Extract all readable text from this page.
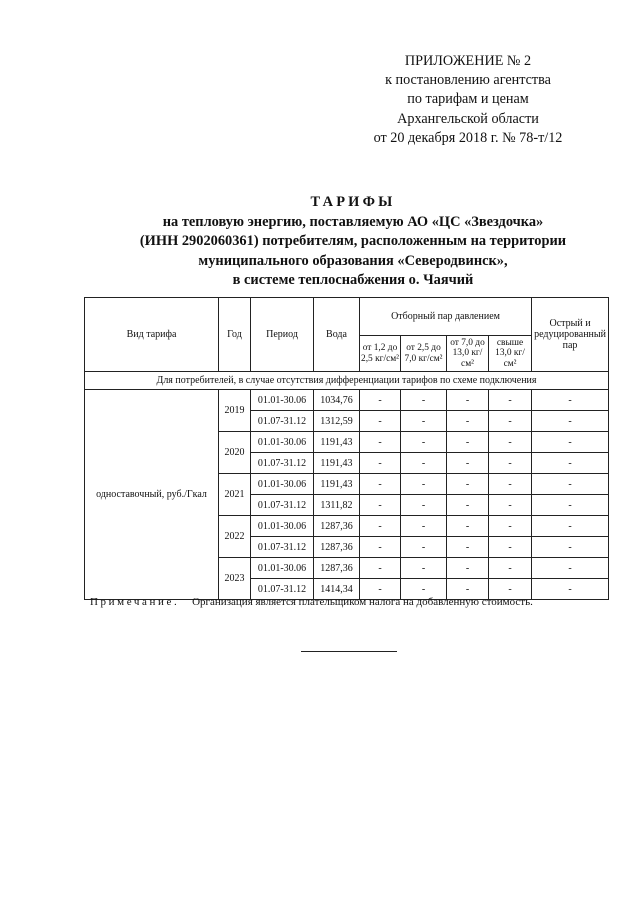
ПРИЛОЖЕНИЕ № 2
к постановлению агентства
по тарифам и ценам
Архангельской области
от 20 декабря 2018 г. № 78-т/12
ТАРИФЫ
на тепловую энергию, поставляемую АО «ЦС «Звездочка»
(ИНН 2902060361) потребителям, расположенным на территории
муниципального образования «Северодвинск»,
в системе теплоснабжения о. Чаячий
Вид тарифа	Год	Период	Вода	Отборный пар давлением				Острый и редуцированный пар
				от 1,2 до 2,5 кг/см²	от 2,5 до 7,0 кг/см²	от 7,0 до 13,0 кг/см²	свыше 13,0 кг/см²	
Для потребителей, в случае отсутствия дифференциации тарифов по схеме подключения								
одноставочный, руб./Гкал	2019	01.01-30.06	1034,76	-	-	-	-	-
		01.07-31.12	1312,59	-	-	-	-	-
	2020	01.01-30.06	1191,43	-	-	-	-	-
		01.07-31.12	1191,43	-	-	-	-	-
	2021	01.01-30.06	1191,43	-	-	-	-	-
		01.07-31.12	1311,82	-	-	-	-	-
	2022	01.01-30.06	1287,36	-	-	-	-	-
		01.07-31.12	1287,36	-	-	-	-	-
	2023	01.01-30.06	1287,36	-	-	-	-	-
		01.07-31.12	1414,34	-	-	-	-	-
Примечание. Организация является плательщиком налога на добавленную стоимость.
